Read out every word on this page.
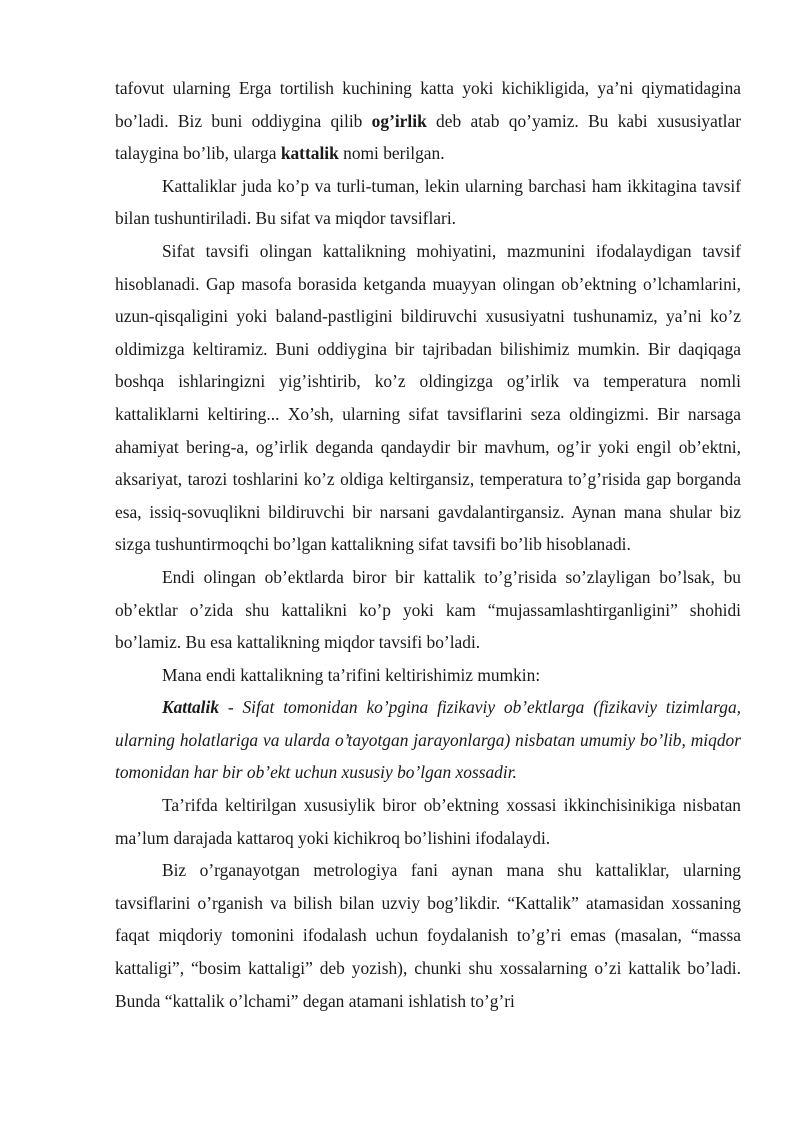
tafovut ularning Erga tortilish kuchining katta yoki kichikligida, ya’ni qiymatidagina bo’ladi. Biz buni oddiygina qilib og’irlik deb atab qo’yamiz. Bu kabi xususiyatlar talaygina bo’lib, ularga kattalik nomi berilgan.

Kattaliklar juda ko’p va turli-tuman, lekin ularning barchasi ham ikkitagina tavsif bilan tushuntiriladi. Bu sifat va miqdor tavsiflari.

Sifat tavsifi olingan kattalikning mohiyatini, mazmunini ifodalaydigan tavsif hisoblanadi. Gap masofa borasida ketganda muayyan olingan ob’ektning o’lchamlarini, uzun-qisqaligini yoki baland-pastligini bildiruvchi xususiyatni tushunamiz, ya’ni ko’z oldimizga keltiramiz. Buni oddiygina bir tajribadan bilishimiz mumkin. Bir daqiqaga boshqa ishlaringizni yig’ishtirib, ko’z oldingizga og’irlik va temperatura nomli kattaliklarni keltiring... Xo’sh, ularning sifat tavsiflarini seza oldingizmi. Bir narsaga ahamiyat bering-a, og’irlik deganda qandaydir bir mavhum, og’ir yoki engil ob’ektni, aksariyat, tarozi toshlarini ko’z oldiga keltirgansiz, temperatura to’g’risida gap borganda esa, issiq-sovuqlikni bildiruvchi bir narsani gavdalantirgansiz. Aynan mana shular biz sizga tushuntirmoqchi bo’lgan kattalikning sifat tavsifi bo’lib hisoblanadi.

Endi olingan ob’ektlarda biror bir kattalik to’g’risida so’zlayligan bo’lsak, bu ob’ektlar o’zida shu kattalikni ko’p yoki kam “mujassamlashtirganligini” shohidi bo’lamiz. Bu esa kattalikning miqdor tavsifi bo’ladi.

Mana endi kattalikning ta’rifini keltirishimiz mumkin:

Kattalik - Sifat tomonidan ko’pgina fizikaviy ob’ektlarga (fizikaviy tizimlarga, ularning holatlariga va ularda o’tayotgan jarayonlarga) nisbatan umumiy bo’lib, miqdor tomonidan har bir ob’ekt uchun xususiy bo’lgan xossadir.

Ta’rifda keltirilgan xususiylik biror ob’ektning xossasi ikkinchisinikiga nisbatan ma’lum darajada kattaroq yoki kichikroq bo’lishini ifodalaydi.

Biz o’rganayotgan metrologiya fani aynan mana shu kattaliklar, ularning tavsiflarini o’rganish va bilish bilan uzviy bog’likdir. “Kattalik” atamasidan xossaning faqat miqdoriy tomonini ifodalash uchun foydalanish to’g’ri emas (masalan, “massa kattaligi”, “bosim kattaligi” deb yozish), chunki shu xossalarning o’zi kattalik bo’ladi. Bunda “kattalik o’lchami” degan atamani ishlatish to’g’ri
